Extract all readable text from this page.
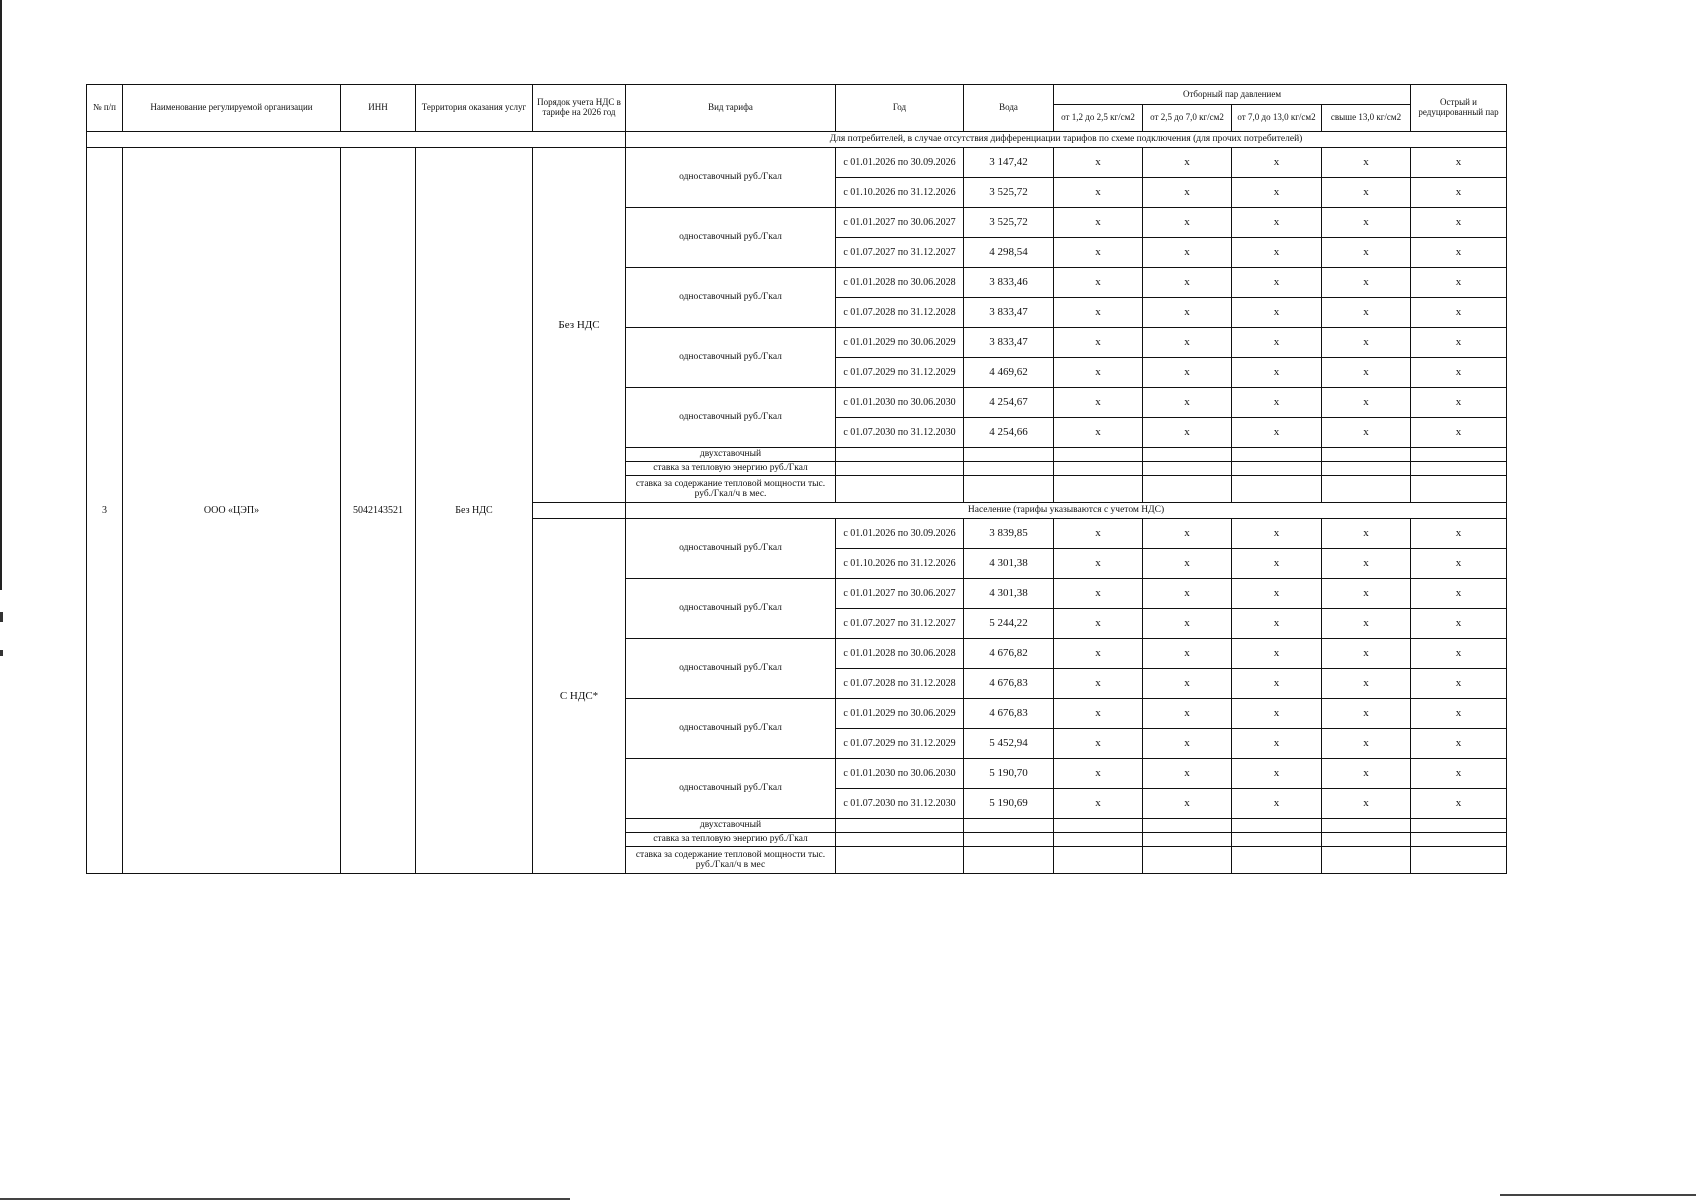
№ п/п	Наименование регулируемой организации	ИНН	Территория оказания услуг	Порядок учета НДС в тарифе на 2026 год	Вид тарифа	Год	Вода	Отборный пар давлением				Острый и редуцированный пар
								от 1,2 до 2,5 кг/см2	от 2,5 до 7,0 кг/см2	от 7,0 до 13,0 кг/см2	свыше 13,0 кг/см2	
					Для потребителей, в случае отсутствия дифференциации тарифов по схеме подключения (для прочих потребителей)							
3	ООО «ЦЭП»	5042143521	Без НДС	Без НДС	одноставочный руб./Гкал	с 01.01.2026 по 30.09.2026	3 147,42	x	x	x	x	x
						с 01.10.2026 по 31.12.2026	3 525,72	x	x	x	x	x
					одноставочный руб./Гкал	с 01.01.2027 по 30.06.2027	3 525,72	x	x	x	x	x
						с 01.07.2027 по 31.12.2027	4 298,54	x	x	x	x	x
					одноставочный руб./Гкал	с 01.01.2028 по 30.06.2028	3 833,46	x	x	x	x	x
						с 01.07.2028 по 31.12.2028	3 833,47	x	x	x	x	x
					одноставочный руб./Гкал	с 01.01.2029 по 30.06.2029	3 833,47	x	x	x	x	x
						с 01.07.2029 по 31.12.2029	4 469,62	x	x	x	x	x
					одноставочный руб./Гкал	с 01.01.2030 по 30.06.2030	4 254,67	x	x	x	x	x
						с 01.07.2030 по 31.12.2030	4 254,66	x	x	x	x	x
					двухставочный							
					ставка за тепловую энергию руб./Гкал							
					ставка за содержание тепловой мощности тыс. руб./Гкал/ч в мес.							
					Население (тарифы указываются с учетом НДС)							
				С НДС*	одноставочный руб./Гкал	с 01.01.2026 по 30.09.2026	3 839,85	x	x	x	x	x
						с 01.10.2026 по 31.12.2026	4 301,38	x	x	x	x	x
					одноставочный руб./Гкал	с 01.01.2027 по 30.06.2027	4 301,38	x	x	x	x	x
						с 01.07.2027 по 31.12.2027	5 244,22	x	x	x	x	x
					одноставочный руб./Гкал	с 01.01.2028 по 30.06.2028	4 676,82	x	x	x	x	x
						с 01.07.2028 по 31.12.2028	4 676,83	x	x	x	x	x
					одноставочный руб./Гкал	с 01.01.2029 по 30.06.2029	4 676,83	x	x	x	x	x
						с 01.07.2029 по 31.12.2029	5 452,94	x	x	x	x	x
					одноставочный руб./Гкал	с 01.01.2030 по 30.06.2030	5 190,70	x	x	x	x	x
						с 01.07.2030 по 31.12.2030	5 190,69	x	x	x	x	x
					двухставочный							
					ставка за тепловую энергию руб./Гкал							
					ставка за содержание тепловой мощности тыс. руб./Гкал/ч в мес							
